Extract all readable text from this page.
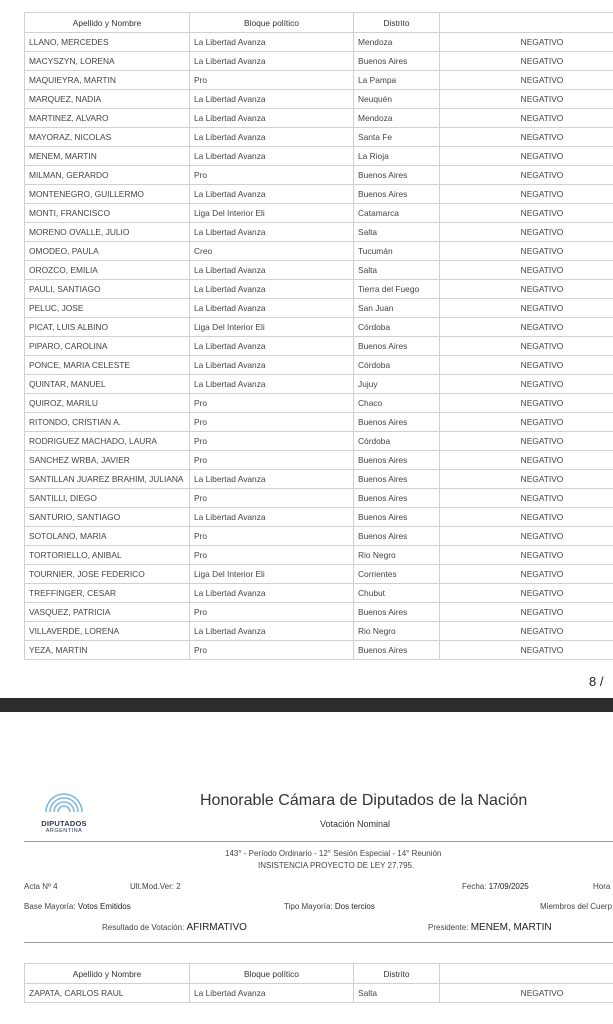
Apellido y Nombre	Bloque político	Distrito	
LLANO, MERCEDES	La Libertad Avanza	Mendoza	NEGATIVO
MACYSZYN, LORENA	La Libertad Avanza	Buenos Aires	NEGATIVO
MAQUIEYRA, MARTIN	Pro	La Pampa	NEGATIVO
MARQUEZ, NADIA	La Libertad Avanza	Neuquén	NEGATIVO
MARTINEZ, ALVARO	La Libertad Avanza	Mendoza	NEGATIVO
MAYORAZ, NICOLAS	La Libertad Avanza	Santa Fe	NEGATIVO
MENEM, MARTIN	La Libertad Avanza	La Rioja	NEGATIVO
MILMAN, GERARDO	Pro	Buenos Aires	NEGATIVO
MONTENEGRO, GUILLERMO	La Libertad Avanza	Buenos Aires	NEGATIVO
MONTI, FRANCISCO	Liga Del Interior Eli	Catamarca	NEGATIVO
MORENO OVALLE, JULIO	La Libertad Avanza	Salta	NEGATIVO
OMODEO, PAULA	Creo	Tucumán	NEGATIVO
OROZCO, EMILIA	La Libertad Avanza	Salta	NEGATIVO
PAULI, SANTIAGO	La Libertad Avanza	Tierra del Fuego	NEGATIVO
PELUC, JOSE	La Libertad Avanza	San Juan	NEGATIVO
PICAT, LUIS ALBINO	Liga Del Interior Eli	Córdoba	NEGATIVO
PIPARO, CAROLINA	La Libertad Avanza	Buenos Aires	NEGATIVO
PONCE, MARIA CELESTE	La Libertad Avanza	Córdoba	NEGATIVO
QUINTAR, MANUEL	La Libertad Avanza	Jujuy	NEGATIVO
QUIROZ, MARILU	Pro	Chaco	NEGATIVO
RITONDO, CRISTIAN A.	Pro	Buenos Aires	NEGATIVO
RODRIGUEZ MACHADO, LAURA	Pro	Córdoba	NEGATIVO
SANCHEZ WRBA, JAVIER	Pro	Buenos Aires	NEGATIVO
SANTILLAN JUAREZ BRAHIM, JULIANA	La Libertad Avanza	Buenos Aires	NEGATIVO
SANTILLI, DIEGO	Pro	Buenos Aires	NEGATIVO
SANTURIO, SANTIAGO	La Libertad Avanza	Buenos Aires	NEGATIVO
SOTOLANO, MARIA	Pro	Buenos Aires	NEGATIVO
TORTORIELLO, ANIBAL	Pro	Rio Negro	NEGATIVO
TOURNIER, JOSE FEDERICO	Liga Del Interior Eli	Corrientes	NEGATIVO
TREFFINGER, CESAR	La Libertad Avanza	Chubut	NEGATIVO
VASQUEZ, PATRICIA	Pro	Buenos Aires	NEGATIVO
VILLAVERDE, LORENA	La Libertad Avanza	Rio Negro	NEGATIVO
YEZA, MARTIN	Pro	Buenos Aires	NEGATIVO
8 /
DIPUTADOS
ARGENTINA
Honorable Cámara de Diputados de la Nación
Votación Nominal
143° - Período Ordinario - 12° Sesión Especial - 14° Reunión
INSISTENCIA PROYECTO DE LEY 27.795.
Acta Nº 4	Ult.Mod.Ver: 2	Fecha: 17/09/2025	Hora
Base Mayoría: Votos Emitidos	Tipo Mayoría: Dos tercios	Miembros del Cuerp
Resultado de Votación: AFIRMATIVO	Presidente: MENEM, MARTIN
Apellido y Nombre	Bloque político	Distrito	
ZAPATA, CARLOS RAUL	La Libertad Avanza	Salta	NEGATIVO
